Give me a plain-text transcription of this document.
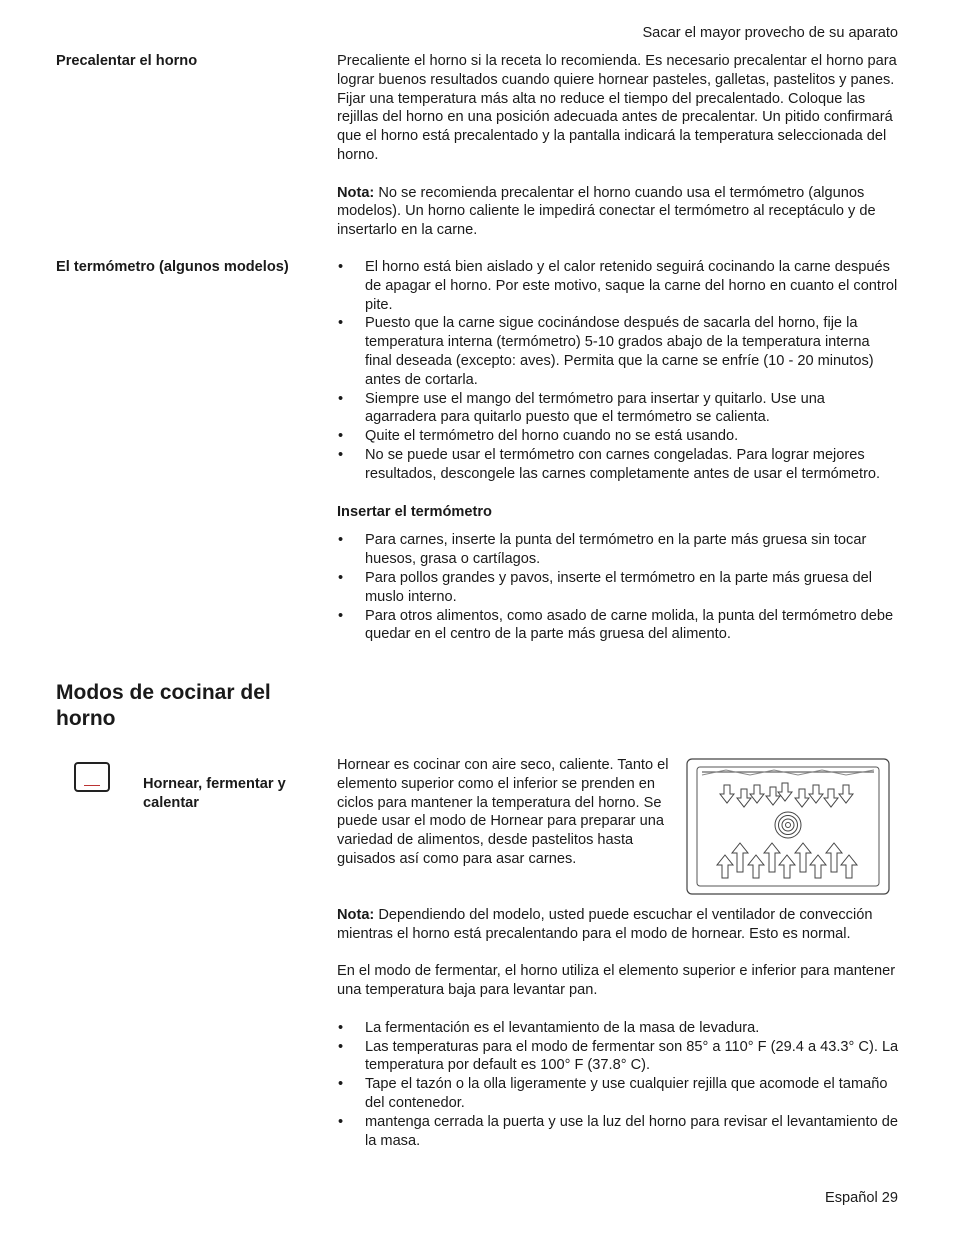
Sacar el mayor provecho de su aparato
Precalentar el horno	Precaliente el horno si la receta lo recomienda. Es necesario precalentar el horno para lograr buenos resultados cuando quiere hornear pasteles, galletas, pastelitos y panes. Fijar una temperatura más alta no reduce el tiempo del precalentado. Coloque las rejillas del horno en una posición adecuada antes de precalentar. Un pitido confirmará que el horno está precalentado y la pantalla indicará la temperatura seleccionada del horno.

Nota: No se recomienda precalentar el horno cuando usa el termómetro (algunos modelos). Un horno caliente le impedirá conectar el termómetro al receptáculo y de insertarlo en la carne.

El termómetro (algunos modelos)	• El horno está bien aislado y el calor retenido seguirá cocinando la carne después de apagar el horno. Por este motivo, saque la carne del horno en cuanto el control pite.
• Puesto que la carne sigue cocinándose después de sacarla del horno, fije la temperatura interna (termómetro) 5-10 grados abajo de la temperatura interna final deseada (excepto: aves). Permita que la carne se enfríe (10 - 20 minutos) antes de cortarla.
• Siempre use el mango del termómetro para insertar y quitarlo. Use una agarradera para quitarlo puesto que el termómetro se calienta.
• Quite el termómetro del horno cuando no se está usando.
• No se puede usar el termómetro con carnes congeladas. Para lograr mejores resultados, descongele las carnes completamente antes de usar el termómetro.

Insertar el termómetro

• Para carnes, inserte la punta del termómetro en la parte más gruesa sin tocar huesos, grasa o cartílagos.
• Para pollos grandes y pavos, inserte el termómetro en la parte más gruesa del muslo interno.
• Para otros alimentos, como asado de carne molida, la punta del termómetro debe quedar en el centro de la parte más gruesa del alimento.
Modos de cocinar del horno
Hornear, fermentar y calentar
Hornear es cocinar con aire seco, caliente. Tanto el elemento superior como el inferior se prenden en ciclos para mantener la temperatura del horno. Se puede usar el modo de Hornear para preparar una variedad de alimentos, desde pastelitos hasta guisados así como para asar carnes.

Nota: Dependiendo del modelo, usted puede escuchar el ventilador de convección mientras el horno está precalentando para el modo de hornear. Esto es normal.

En el modo de fermentar, el horno utiliza el elemento superior e inferior para mantener una temperatura baja para levantar pan.

• La fermentación es el levantamiento de la masa de levadura.
• Las temperaturas para el modo de fermentar son 85° a 110° F (29.4 a 43.3° C). La temperatura por default es 100° F (37.8° C).
• Tape el tazón o la olla ligeramente y use cualquier rejilla que acomode el tamaño del contenedor.
• mantenga cerrada la puerta y use la luz del horno para revisar el levantamiento de la masa.
Español 29
